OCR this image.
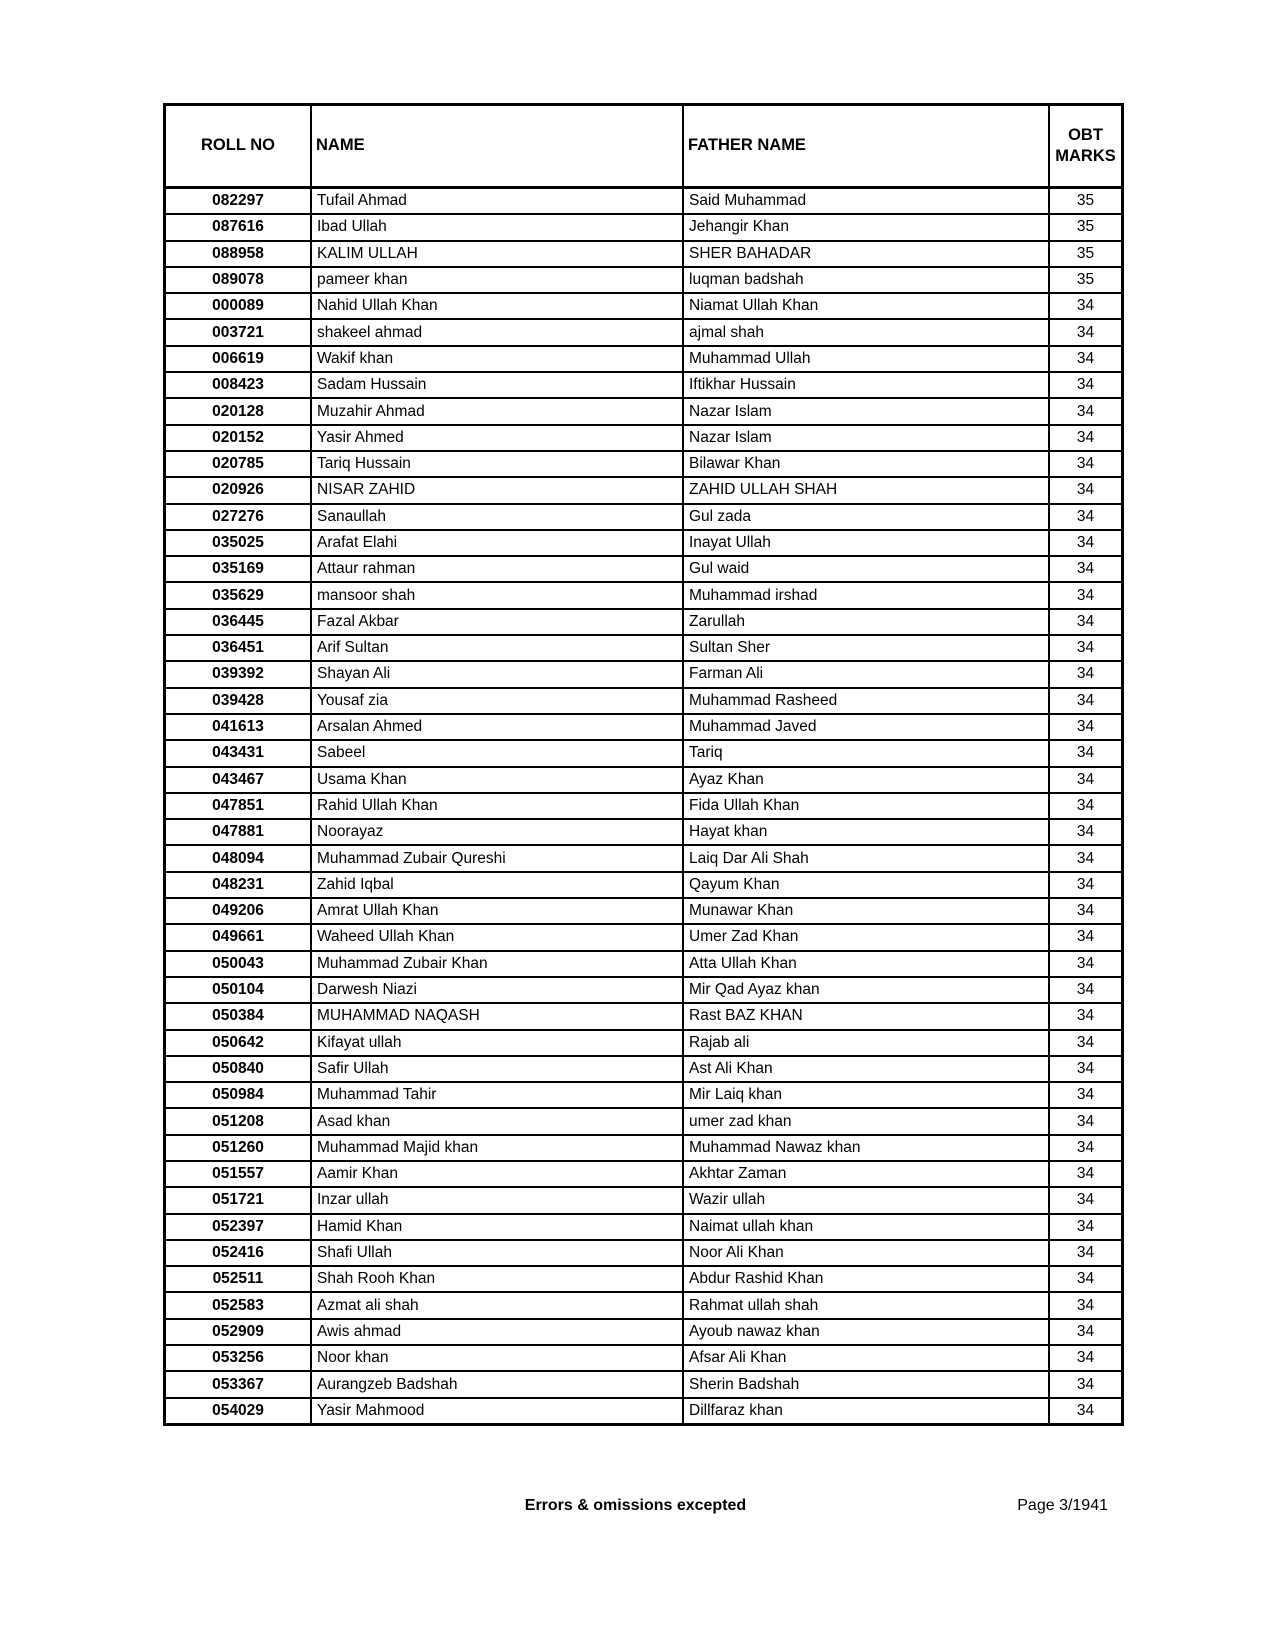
ROLL NO	NAME	FATHER NAME	OBT MARKS
082297	Tufail Ahmad	Said Muhammad	35
087616	Ibad Ullah	Jehangir Khan	35
088958	KALIM ULLAH	SHER BAHADAR	35
089078	pameer khan	luqman badshah	35
000089	Nahid Ullah Khan	Niamat Ullah Khan	34
003721	shakeel ahmad	ajmal shah	34
006619	Wakif khan	Muhammad Ullah	34
008423	Sadam Hussain	Iftikhar Hussain	34
020128	Muzahir Ahmad	Nazar Islam	34
020152	Yasir Ahmed	Nazar Islam	34
020785	Tariq Hussain	Bilawar Khan	34
020926	NISAR ZAHID	ZAHID ULLAH SHAH	34
027276	Sanaullah	Gul zada	34
035025	Arafat Elahi	Inayat Ullah	34
035169	Attaur rahman	Gul waid	34
035629	mansoor shah	Muhammad irshad	34
036445	Fazal Akbar	Zarullah	34
036451	Arif Sultan	Sultan Sher	34
039392	Shayan Ali	Farman Ali	34
039428	Yousaf zia	Muhammad Rasheed	34
041613	Arsalan Ahmed	Muhammad Javed	34
043431	Sabeel	Tariq	34
043467	Usama Khan	Ayaz Khan	34
047851	Rahid Ullah Khan	Fida Ullah Khan	34
047881	Noorayaz	Hayat khan	34
048094	Muhammad Zubair Qureshi	Laiq Dar Ali Shah	34
048231	Zahid Iqbal	Qayum Khan	34
049206	Amrat Ullah Khan	Munawar Khan	34
049661	Waheed Ullah Khan	Umer Zad Khan	34
050043	Muhammad Zubair Khan	Atta Ullah Khan	34
050104	Darwesh Niazi	Mir Qad Ayaz khan	34
050384	MUHAMMAD NAQASH	Rast BAZ KHAN	34
050642	Kifayat ullah	Rajab ali	34
050840	Safir Ullah	Ast Ali Khan	34
050984	Muhammad Tahir	Mir Laiq khan	34
051208	Asad khan	umer zad khan	34
051260	Muhammad Majid khan	Muhammad Nawaz khan	34
051557	Aamir Khan	Akhtar Zaman	34
051721	Inzar ullah	Wazir ullah	34
052397	Hamid Khan	Naimat ullah khan	34
052416	Shafi Ullah	Noor Ali Khan	34
052511	Shah Rooh Khan	Abdur Rashid Khan	34
052583	Azmat ali shah	Rahmat ullah shah	34
052909	Awis ahmad	Ayoub nawaz khan	34
053256	Noor khan	Afsar Ali Khan	34
053367	Aurangzeb Badshah	Sherin Badshah	34
054029	Yasir Mahmood	Dillfaraz khan	34
Errors & omissions excepted	Page 3/1941
